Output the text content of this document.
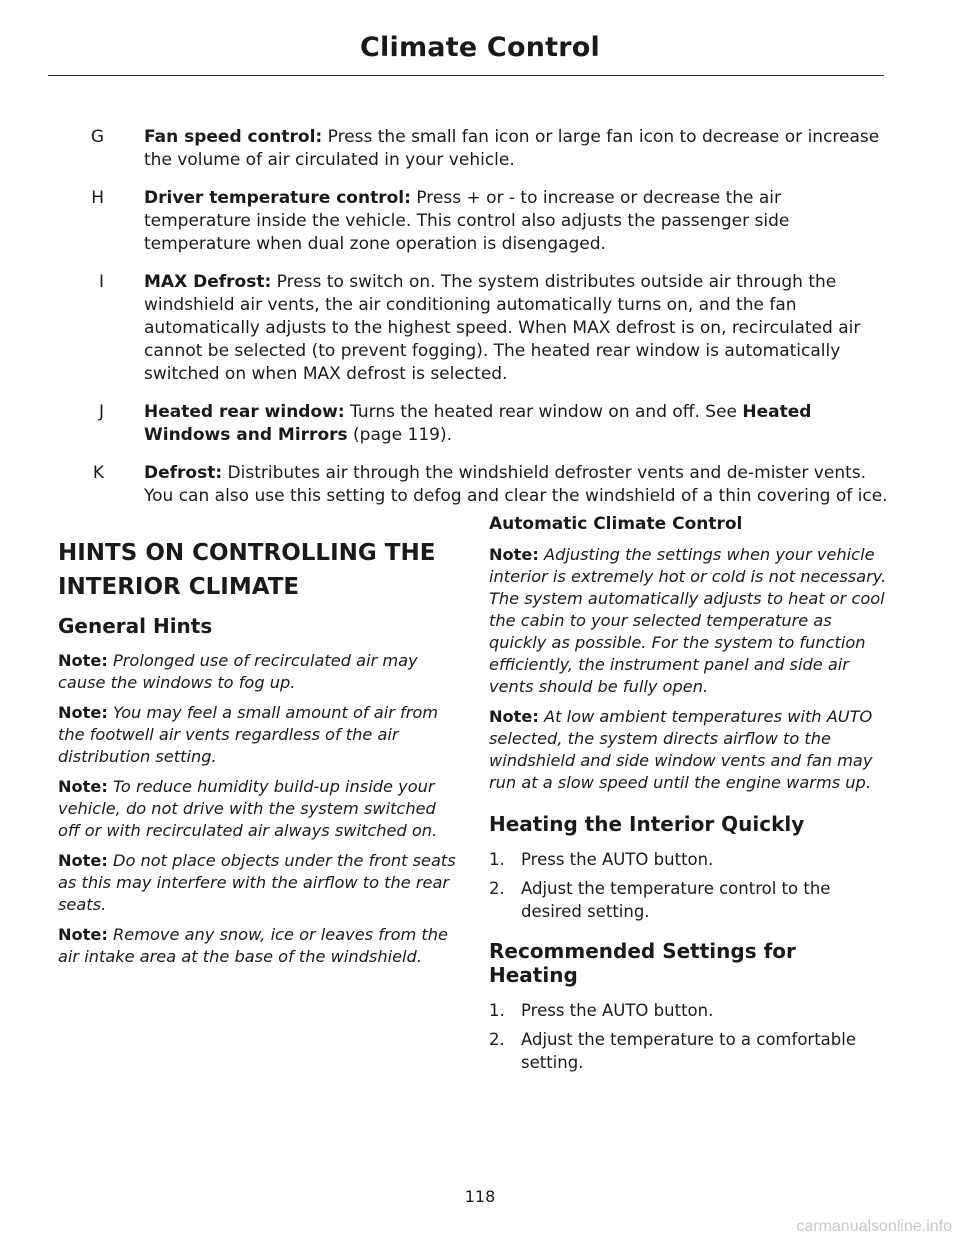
Climate Control
G	Fan speed control: Press the small fan icon or large fan icon to decrease or increase the volume of air circulated in your vehicle.
H	Driver temperature control: Press + or - to increase or decrease the air temperature inside the vehicle. This control also adjusts the passenger side temperature when dual zone operation is disengaged.
I	MAX Defrost: Press to switch on. The system distributes outside air through the windshield air vents, the air conditioning automatically turns on, and the fan automatically adjusts to the highest speed. When MAX defrost is on, recirculated air cannot be selected (to prevent fogging). The heated rear window is automatically switched on when MAX defrost is selected.
J	Heated rear window: Turns the heated rear window on and off. See Heated Windows and Mirrors (page 119).
K	Defrost: Distributes air through the windshield defroster vents and de-mister vents. You can also use this setting to defog and clear the windshield of a thin covering of ice.
HINTS ON CONTROLLING THE
INTERIOR CLIMATE
General Hints

Note: Prolonged use of recirculated air may cause the windows to fog up.

Note: You may feel a small amount of air from the footwell air vents regardless of the air distribution setting.

Note: To reduce humidity build-up inside your vehicle, do not drive with the system switched off or with recirculated air always switched on.

Note: Do not place objects under the front seats as this may interfere with the airflow to the rear seats.

Note: Remove any snow, ice or leaves from the air intake area at the base of the windshield.

Automatic Climate Control

Note: Adjusting the settings when your vehicle interior is extremely hot or cold is not necessary. The system automatically adjusts to heat or cool the cabin to your selected temperature as quickly as possible. For the system to function efficiently, the instrument panel and side air vents should be fully open.

Note: At low ambient temperatures with AUTO selected, the system directs airflow to the windshield and side window vents and fan may run at a slow speed until the engine warms up.

Heating the Interior Quickly
1. Press the AUTO button.
2. Adjust the temperature control to the desired setting.
Recommended Settings for Heating
1. Press the AUTO button.
2. Adjust the temperature to a comfortable setting.
118
carmanualsonline.info
